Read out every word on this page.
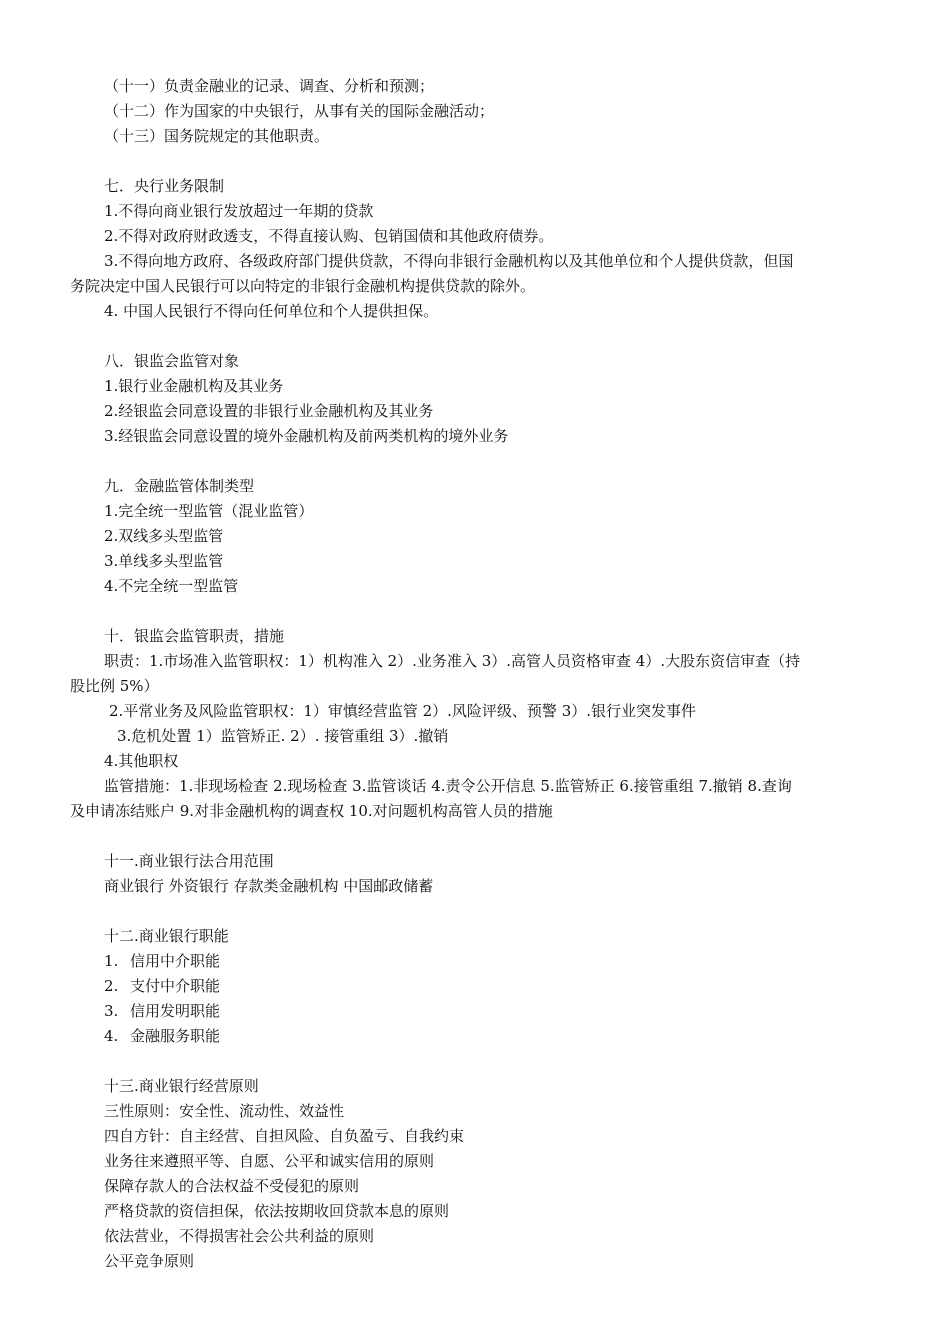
（十一）负责金融业的记录、调查、分析和预测；
（十二）作为国家的中央银行，从事有关的国际金融活动；
（十三）国务院规定的其他职责。
七．央行业务限制
1.不得向商业银行发放超过一年期的贷款
2.不得对政府财政透支，不得直接认购、包销国债和其他政府债券。
3.不得向地方政府、各级政府部门提供贷款，不得向非银行金融机构以及其他单位和个人提供贷款，但国
务院决定中国人民银行可以向特定的非银行金融机构提供贷款的除外。
4. 中国人民银行不得向任何单位和个人提供担保。
八．银监会监管对象
1.银行业金融机构及其业务
2.经银监会同意设置的非银行业金融机构及其业务
3.经银监会同意设置的境外金融机构及前两类机构的境外业务
九．金融监管体制类型
1.完全统一型监管（混业监管）
2.双线多头型监管
3.单线多头型监管
4.不完全统一型监管
十．银监会监管职责，措施
职责：1.市场准入监管职权：1）机构准入 2）.业务准入 3）.高管人员资格审查 4）.大股东资信审查（持
股比例 5%）
2.平常业务及风险监管职权：1）审慎经营监管 2）.风险评级、预警 3）.银行业突发事件
3.危机处置 1）监管矫正. 2）. 接管重组 3）.撤销
4.其他职权
监管措施：1.非现场检查 2.现场检查 3.监管谈话 4.责令公开信息 5.监管矫正 6.接管重组 7.撤销 8.查询
及申请冻结账户 9.对非金融机构的调查权 10.对问题机构高管人员的措施
十一.商业银行法合用范围
商业银行 外资银行 存款类金融机构 中国邮政储蓄
十二.商业银行职能
1. 信用中介职能
2. 支付中介职能
3. 信用发明职能
4. 金融服务职能
十三.商业银行经营原则
三性原则：安全性、流动性、效益性
四自方针：自主经营、自担风险、自负盈亏、自我约束
业务往来遵照平等、自愿、公平和诚实信用的原则
保障存款人的合法权益不受侵犯的原则
严格贷款的资信担保，依法按期收回贷款本息的原则
依法营业，不得损害社会公共利益的原则
公平竞争原则
